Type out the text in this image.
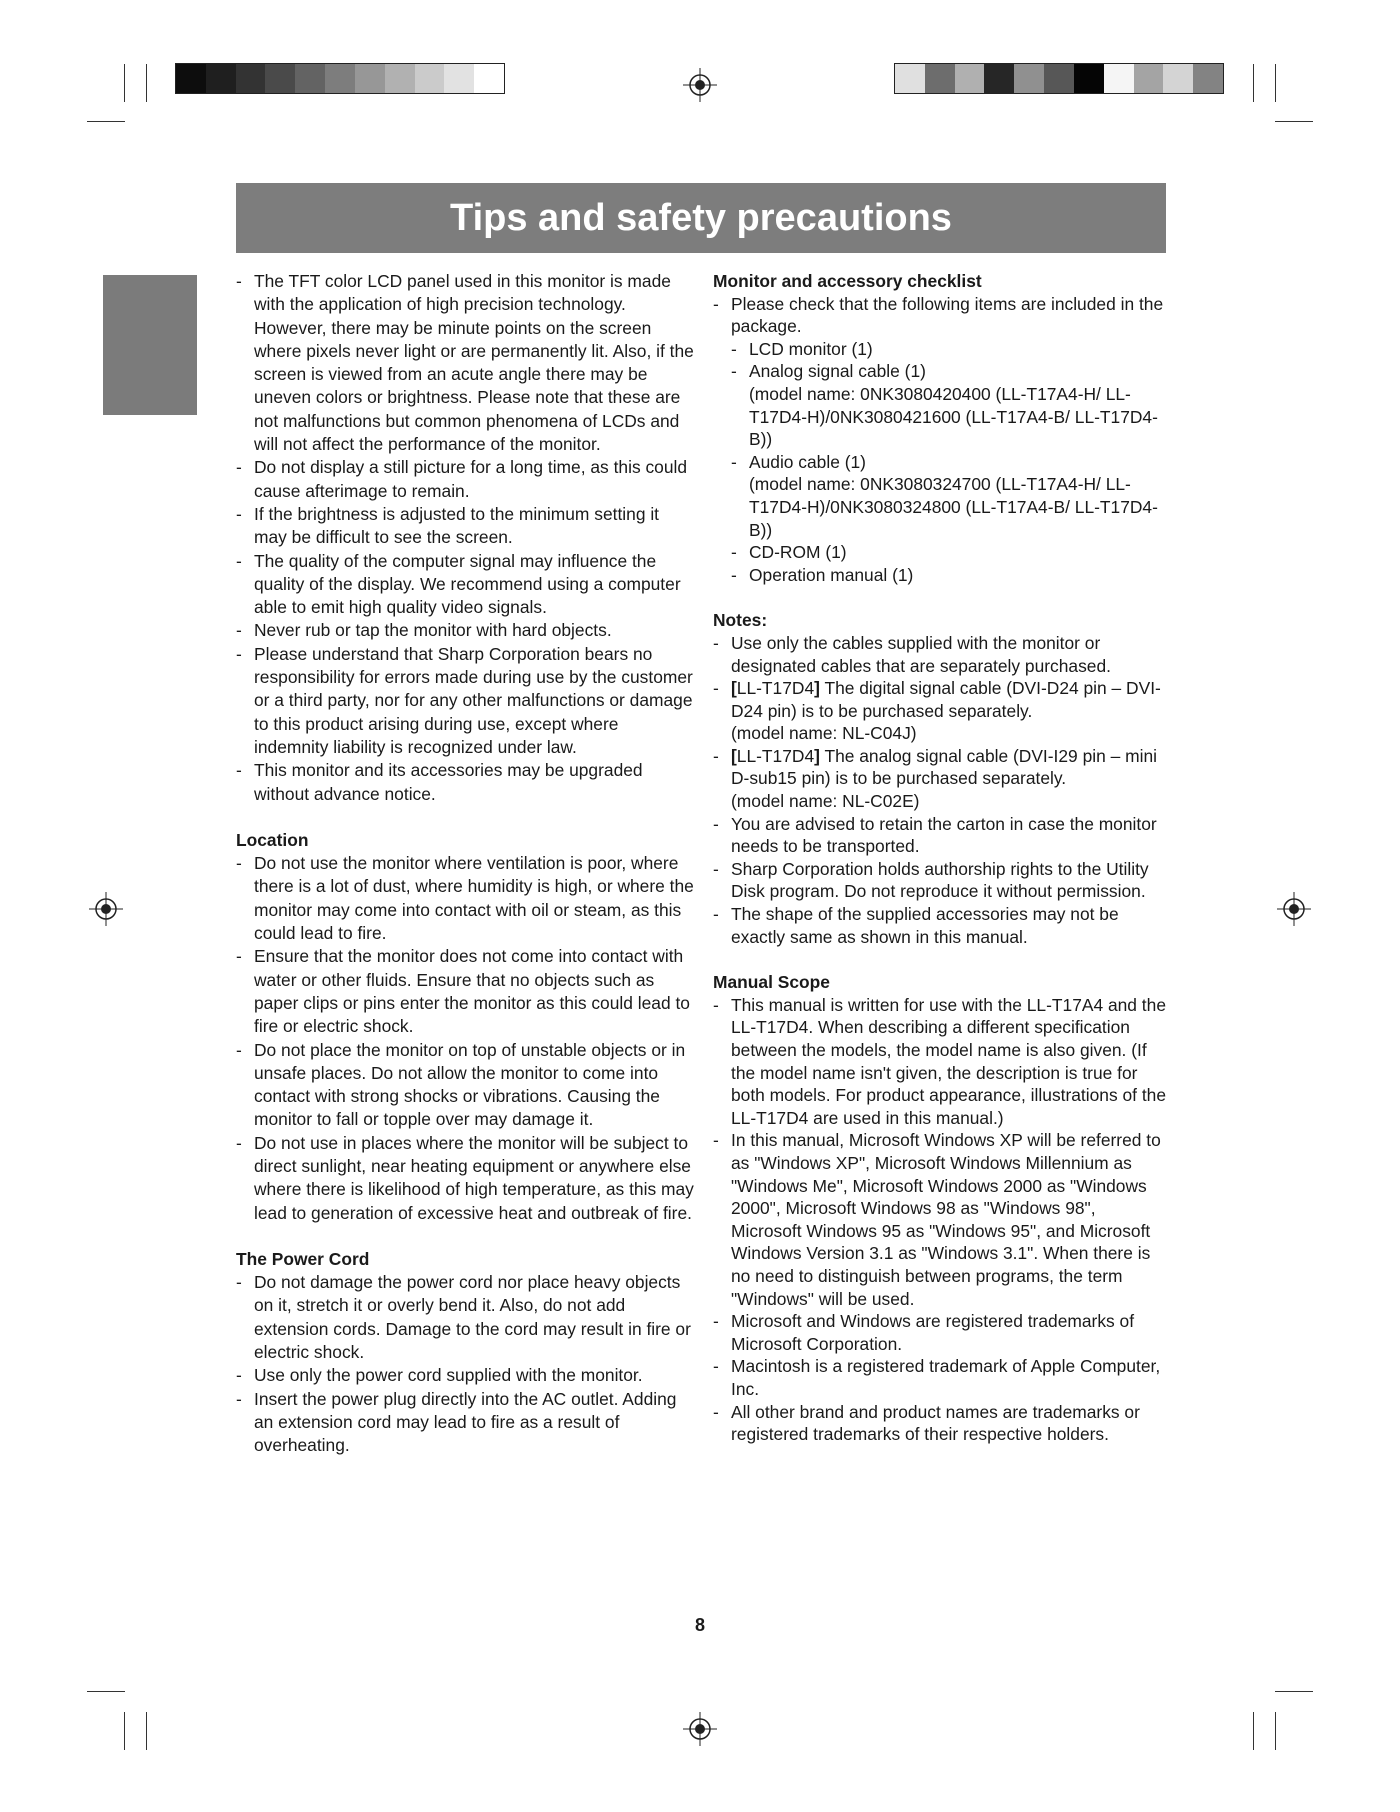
Tips and safety precautions
- The TFT color LCD panel used in this monitor is made with the application of high precision technology. However, there may be minute points on the screen where pixels never light or are permanently lit. Also, if the screen is viewed from an acute angle there may be uneven colors or brightness. Please note that these are not malfunctions but common phenomena of LCDs and will not affect the performance of the monitor.
- Do not display a still picture for a long time, as this could cause afterimage to remain.
- If the brightness is adjusted to the minimum setting it may be difficult to see the screen.
- The quality of the computer signal may influence the quality of the display. We recommend using a computer able to emit high quality video signals.
- Never rub or tap the monitor with hard objects.
- Please understand that Sharp Corporation bears no responsibility for errors made during use by the customer or a third party, nor for any other malfunctions or damage to this product arising during use, except where indemnity liability is recognized under law.
- This monitor and its accessories may be upgraded without advance notice.
Location
- Do not use the monitor where ventilation is poor, where there is a lot of dust, where humidity is high, or where the monitor may come into contact with oil or steam, as this could lead to fire.
- Ensure that the monitor does not come into contact with water or other fluids. Ensure that no objects such as paper clips or pins enter the monitor as this could lead to fire or electric shock.
- Do not place the monitor on top of unstable objects or in unsafe places. Do not allow the monitor to come into contact with strong shocks or vibrations. Causing the monitor to fall or topple over may damage it.
- Do not use in places where the monitor will be subject to direct sunlight, near heating equipment or anywhere else where there is likelihood of high temperature, as this may lead to generation of excessive heat and outbreak of fire.
The Power Cord
- Do not damage the power cord nor place heavy objects on it, stretch it or overly bend it. Also, do not add extension cords. Damage to the cord may result in fire or electric shock.
- Use only the power cord supplied with the monitor.
- Insert the power plug directly into the AC outlet. Adding an extension cord may lead to fire as a result of overheating.
Monitor and accessory checklist
- Please check that the following items are included in the package.
- LCD monitor (1)
- Analog signal cable (1)
(model name: 0NK3080420400 (LL-T17A4-H/ LL-T17D4-H)/0NK3080421600 (LL-T17A4-B/ LL-T17D4-B))
- Audio cable (1)
(model name: 0NK3080324700 (LL-T17A4-H/ LL-T17D4-H)/0NK3080324800 (LL-T17A4-B/ LL-T17D4-B))
- CD-ROM (1)
- Operation manual (1)
Notes:
- Use only the cables supplied with the monitor or designated cables that are separately purchased.
- [LL-T17D4] The digital signal cable (DVI-D24 pin – DVI-D24 pin) is to be purchased separately.
(model name: NL-C04J)
- [LL-T17D4] The analog signal cable (DVI-I29 pin – mini D-sub15 pin) is to be purchased separately.
(model name: NL-C02E)
- You are advised to retain the carton in case the monitor needs to be transported.
- Sharp Corporation holds authorship rights to the Utility Disk program. Do not reproduce it without permission.
- The shape of the supplied accessories may not be exactly same as shown in this manual.
Manual Scope
- This manual is written for use with the LL-T17A4 and the LL-T17D4. When describing a different specification between the models, the model name is also given. (If the model name isn't given, the description is true for both models. For product appearance, illustrations of the LL-T17D4 are used in this manual.)
- In this manual, Microsoft Windows XP will be referred to as "Windows XP", Microsoft Windows Millennium as "Windows Me", Microsoft Windows 2000 as "Windows 2000", Microsoft Windows 98 as "Windows 98", Microsoft Windows 95 as "Windows 95", and Microsoft Windows Version 3.1 as "Windows 3.1". When there is no need to distinguish between programs, the term "Windows" will be used.
- Microsoft and Windows are registered trademarks of Microsoft Corporation.
- Macintosh is a registered trademark of Apple Computer, Inc.
- All other brand and product names are trademarks or registered trademarks of their respective holders.
8
